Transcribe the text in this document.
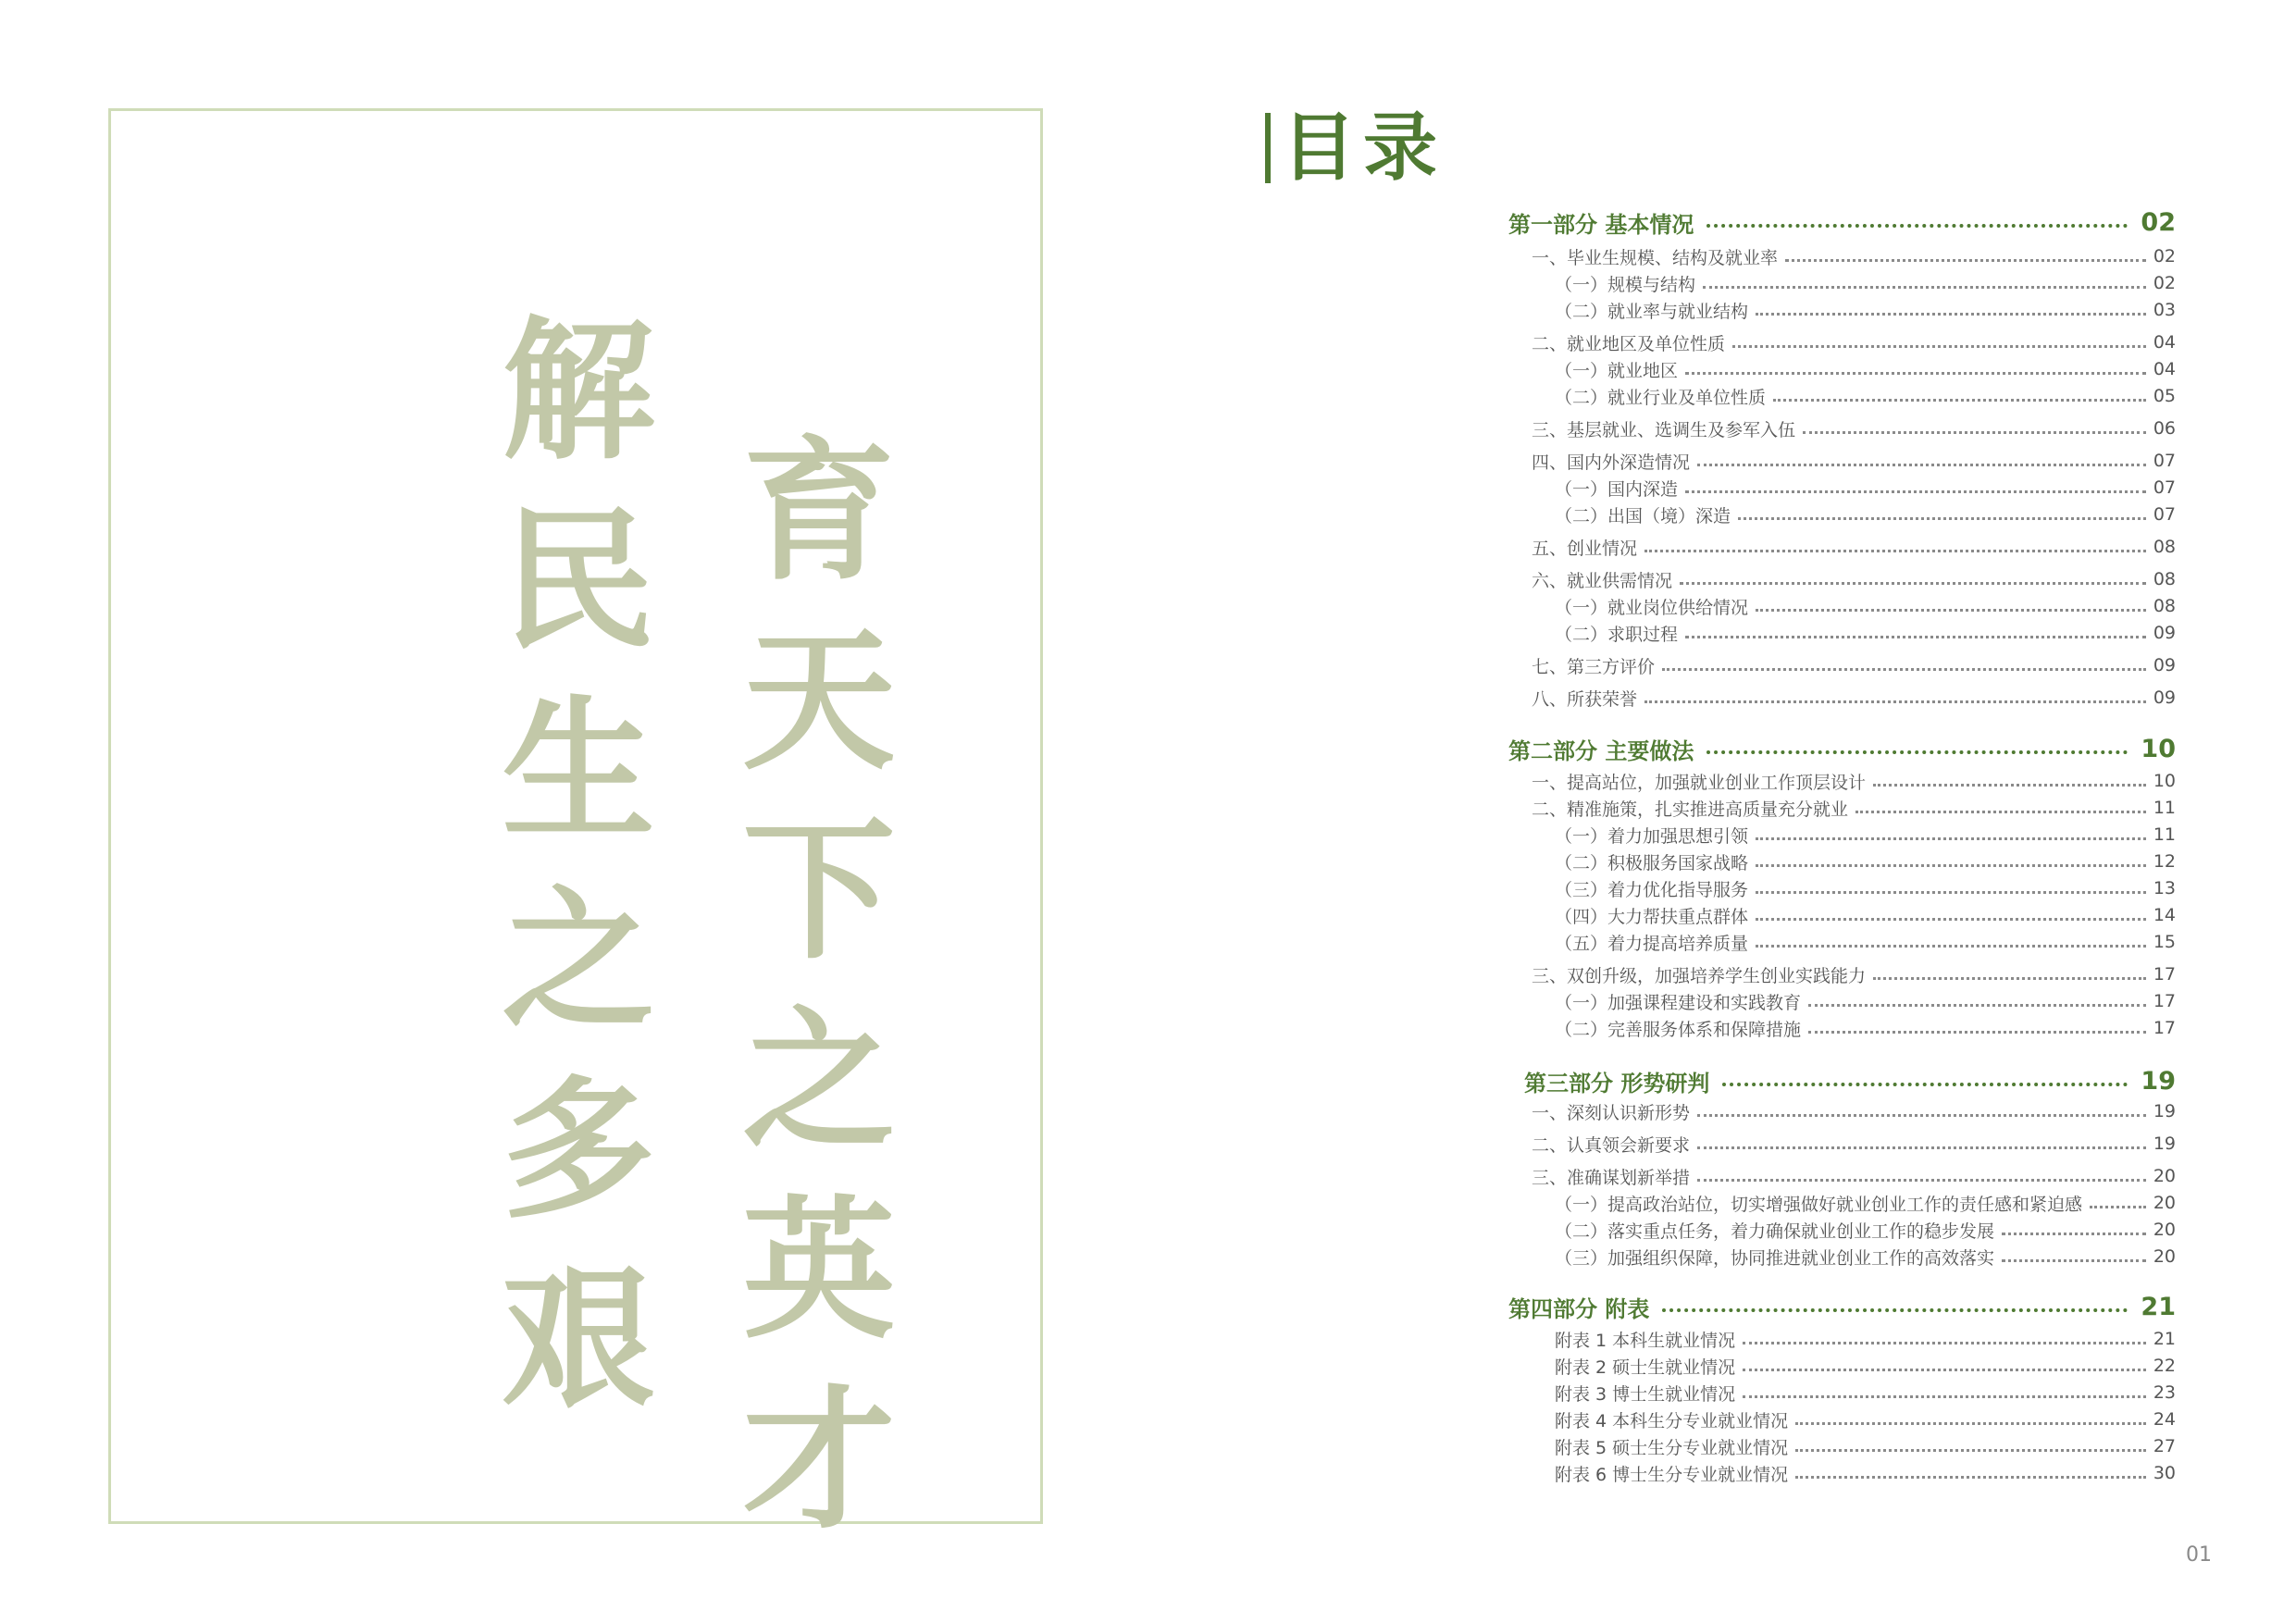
育
天
下
之
英
才
解
民
生
之
多
艰
目录
第一部分 基本情况	02
一、毕业生规模、结构及就业率	02
（一）规模与结构	02
（二）就业率与就业结构	03
二、就业地区及单位性质	04
（一）就业地区	04
（二）就业行业及单位性质	05
三、基层就业、选调生及参军入伍	06
四、国内外深造情况	07
（一）国内深造	07
（二）出国（境）深造	07
五、创业情况	08
六、就业供需情况	08
（一）就业岗位供给情况	08
（二）求职过程	09
七、第三方评价	09
八、所获荣誉	09
第二部分 主要做法	10
一、提高站位，加强就业创业工作顶层设计	10
二、精准施策，扎实推进高质量充分就业	11
（一）着力加强思想引领	11
（二）积极服务国家战略	12
（三）着力优化指导服务	13
（四）大力帮扶重点群体	14
（五）着力提高培养质量	15
三、双创升级，加强培养学生创业实践能力	17
（一）加强课程建设和实践教育	17
（二）完善服务体系和保障措施	17
第三部分 形势研判	19
一、深刻认识新形势	19
二、认真领会新要求	19
三、准确谋划新举措	20
（一）提高政治站位，切实增强做好就业创业工作的责任感和紧迫感	20
（二）落实重点任务，着力确保就业创业工作的稳步发展	20
（三）加强组织保障，协同推进就业创业工作的高效落实	20
第四部分 附表	21
附表 1 本科生就业情况	21
附表 2 硕士生就业情况	22
附表 3 博士生就业情况	23
附表 4 本科生分专业就业情况	24
附表 5 硕士生分专业就业情况	27
附表 6 博士生分专业就业情况	30
01
